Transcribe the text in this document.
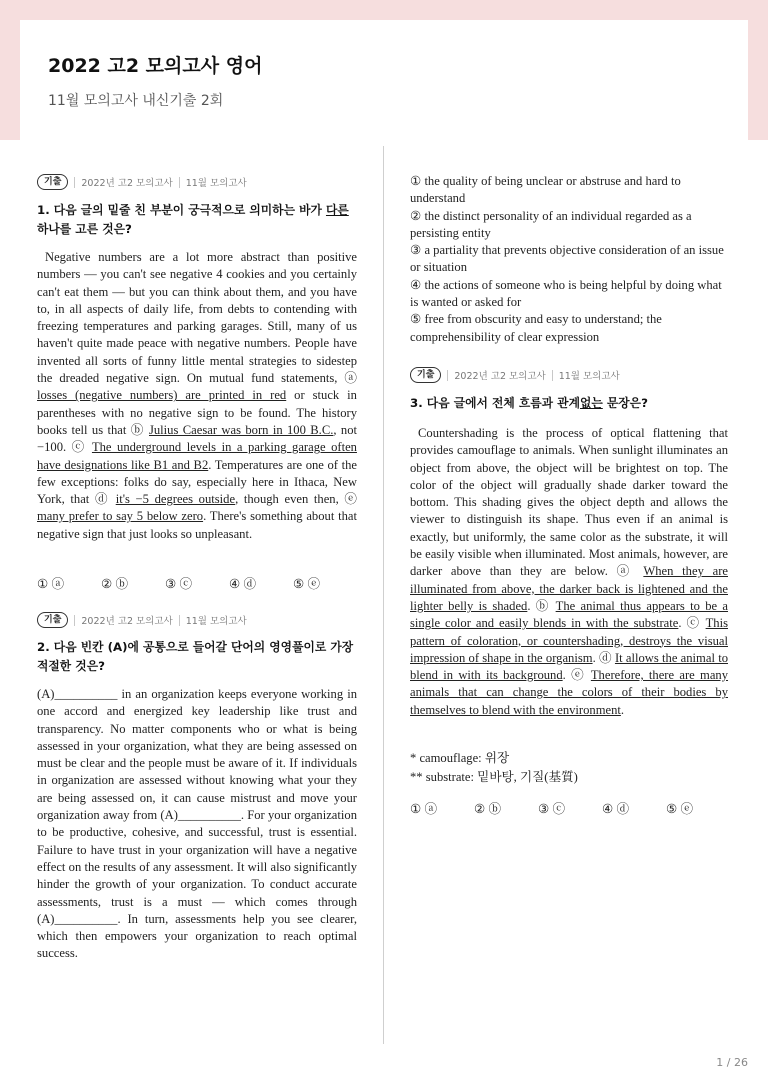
2022 고2 모의고사 영어
11월 모의고사 내신기출 2회
기출	2022년 고2 모의고사 11월 모의고사
1. 다음 글의 밑줄 친 부분이 궁극적으로 의미하는 바가 다른하나를 고른 것은?
Negative numbers are a lot more abstract than positive numbers — you can't see negative 4 cookies and you certainly can't eat them — but you can think about them, and you have to, in all aspects of daily life, from debts to contending with freezing temperatures and parking garages. Still, many of us haven't quite made peace with negative numbers. People have invented all sorts of funny little mental strategies to sidestep the dreaded negative sign. On mutual fund statements, ⓐ losses (negative numbers) are printed in red or stuck in parentheses with no negative sign to be found. The history books tell us that ⓑ Julius Caesar was born in 100 B.C., not −100. ⓒ The underground levels in a parking garage often have designations like B1 and B2. Temperatures are one of the few exceptions: folks do say, especially here in Ithaca, New York, that ⓓ it's −5 degrees outside, though even then, ⓔ many prefer to say 5 below zero. There's something about that negative sign that just looks so unpleasant.
① ⓐ	② ⓑ	③ ⓒ	④ ⓓ	⑤ ⓔ
기출	2022년 고2 모의고사 11월 모의고사
2. 다음 빈칸 (A)에 공통으로 들어갈 단어의 영영풀이로 가장 적절한 것은?
(A)__________ in an organization keeps everyone working in one accord and energized key leadership like trust and transparency. No matter components who or what is being assessed in your organization, what they are being assessed on must be clear and the people must be aware of it. If individuals in organization are assessed without knowing what your they are being assessed on, it can cause mistrust and move your organization away from (A)__________. For your organization to be productive, cohesive, and successful, trust is essential. Failure to have trust in your organization will have a negative effect on the results of any assessment. It will also significantly hinder the growth of your organization. To conduct accurate assessments, trust is a must — which comes through (A)__________. In turn, assessments help you see clearer, which then empowers your organization to reach optimal success.
① the quality of being unclear or abstruse and hard to understand
② the distinct personality of an individual regarded as a persisting entity
③ a partiality that prevents objective consideration of an issue or situation
④ the actions of someone who is being helpful by doing what is wanted or asked for
⑤ free from obscurity and easy to understand; the comprehensibility of clear expression
기출	2022년 고2 모의고사 11월 모의고사
3. 다음 글에서 전체 흐름과 관계없는 문장은?
Countershading is the process of optical flattening that provides camouflage to animals. When sunlight illuminates an object from above, the object will be brightest on top. The color of the object will gradually shade darker toward the bottom. This shading gives the object depth and allows the viewer to distinguish its shape. Thus even if an animal is exactly, but uniformly, the same color as the substrate, it will be easily visible when illuminated. Most animals, however, are darker above than they are below. ⓐ When they are illuminated from above, the darker back is lightened and the lighter belly is shaded. ⓑ The animal thus appears to be a single color and easily blends in with the substrate. ⓒ This pattern of coloration, or countershading, destroys the visual impression of shape in the organism. ⓓ It allows the animal to blend in with its background. ⓔ Therefore, there are many animals that can change the colors of their bodies by themselves to blend with the environment.
* camouflage: 위장
** substrate: 밑바탕, 기질(基質)
① ⓐ	② ⓑ	③ ⓒ	④ ⓓ	⑤ ⓔ
1 / 26
